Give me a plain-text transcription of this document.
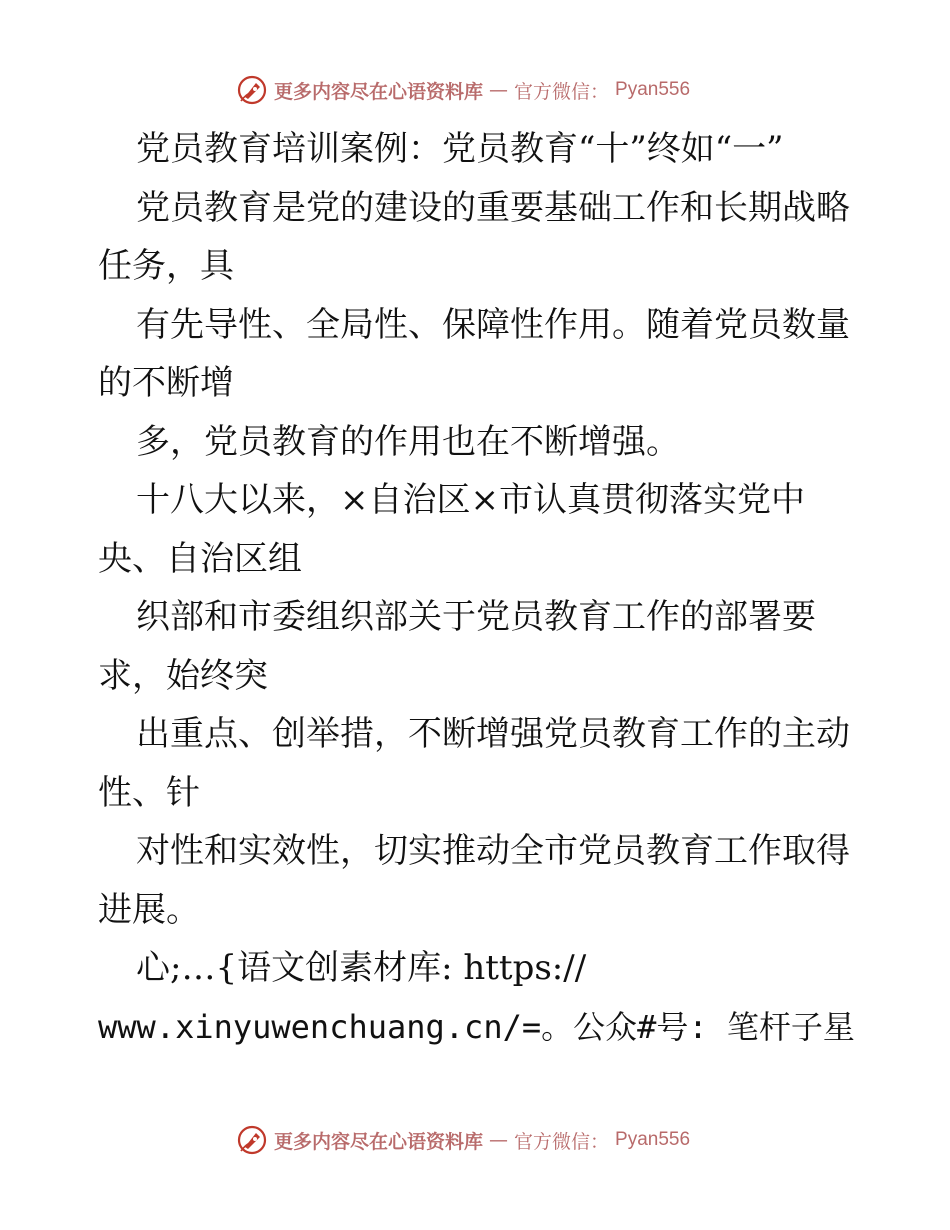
更多内容尽在心语资料库 — 官方微信： Pyan556
党员教育培训案例：党员教育“十”终如“一”
党员教育是党的建设的重要基础工作和长期战略
任务，具
有先导性、全局性、保障性作用。随着党员数量
的不断增
多，党员教育的作用也在不断增强。
十八大以来，×自治区×市认真贯彻落实党中
央、自治区组
织部和市委组织部关于党员教育工作的部署要
求，始终突
出重点、创举措，不断增强党员教育工作的主动
性、针
对性和实效性，切实推动全市党员教育工作取得
进展。
心;…{语文创素材库: https://
www.xinyuwenchuang.cn/=。公众#号: 笔杆子星
更多内容尽在心语资料库 — 官方微信： Pyan556
